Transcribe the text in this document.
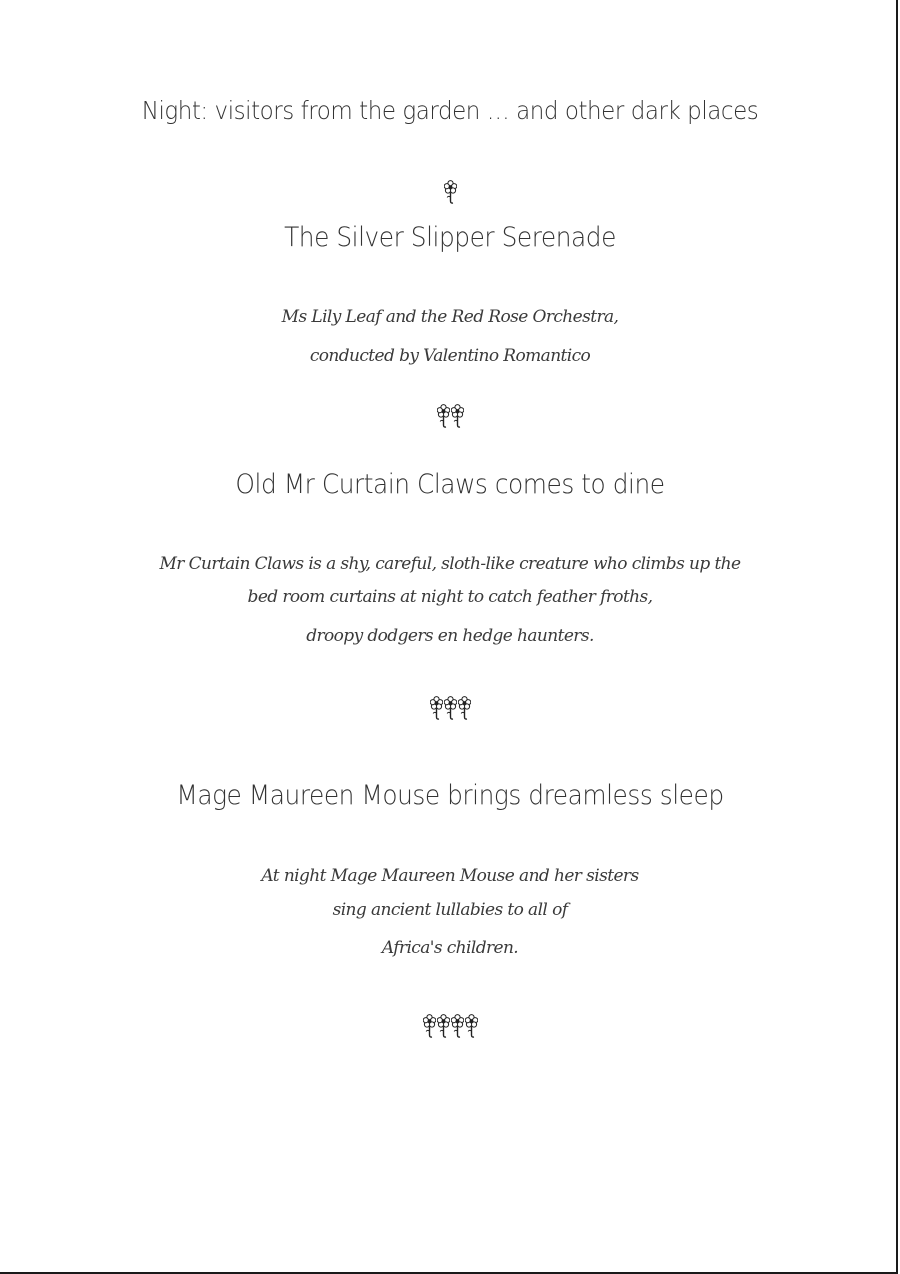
Night: visitors from the garden … and other dark places
The Silver Slipper Serenade
Ms Lily Leaf and the Red Rose Orchestra,
conducted by Valentino Romantico
Old Mr Curtain Claws comes to dine
Mr Curtain Claws is a shy, careful, sloth-like creature who climbs up the
bed room curtains at night to catch feather froths,
droopy dodgers en hedge haunters.
Mage Maureen Mouse brings dreamless sleep
At night Mage Maureen Mouse and her sisters
sing ancient lullabies to all of
Africa's children.
